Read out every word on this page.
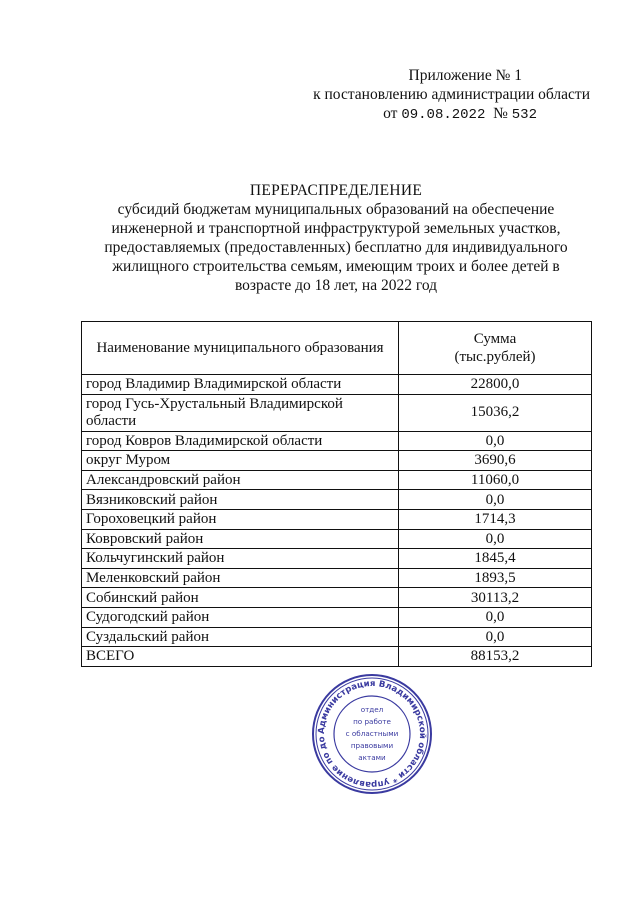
Приложение № 1
к постановлению администрации области
от 09.08.2022 № 532
ПЕРЕРАСПРЕДЕЛЕНИЕ
субсидий бюджетам муниципальных образований на обеспечение
инженерной и транспортной инфраструктурой земельных участков,
предоставляемых (предоставленных) бесплатно для индивидуального
жилищного строительства семьям, имеющим троих и более детей в
возрасте до 18 лет, на 2022 год
Наименование муниципального образования	Сумма
(тыс.рублей)

город Владимир Владимирской области	22800,0
город Гусь-Хрустальный Владимирской области	15036,2
город Ковров Владимирской области	0,0
округ Муром	3690,6
Александровский район	11060,0
Вязниковский район	0,0
Гороховецкий район	1714,3
Ковровский район	0,0
Кольчугинский район	1845,4
Меленковский район	1893,5
Собинский район	30113,2
Судогодский район	0,0
Суздальский район	0,0
ВСЕГО	88153,2
Администрация Владимирской области * управление по до
отдел
по работе
с областными
правовыми
актами
